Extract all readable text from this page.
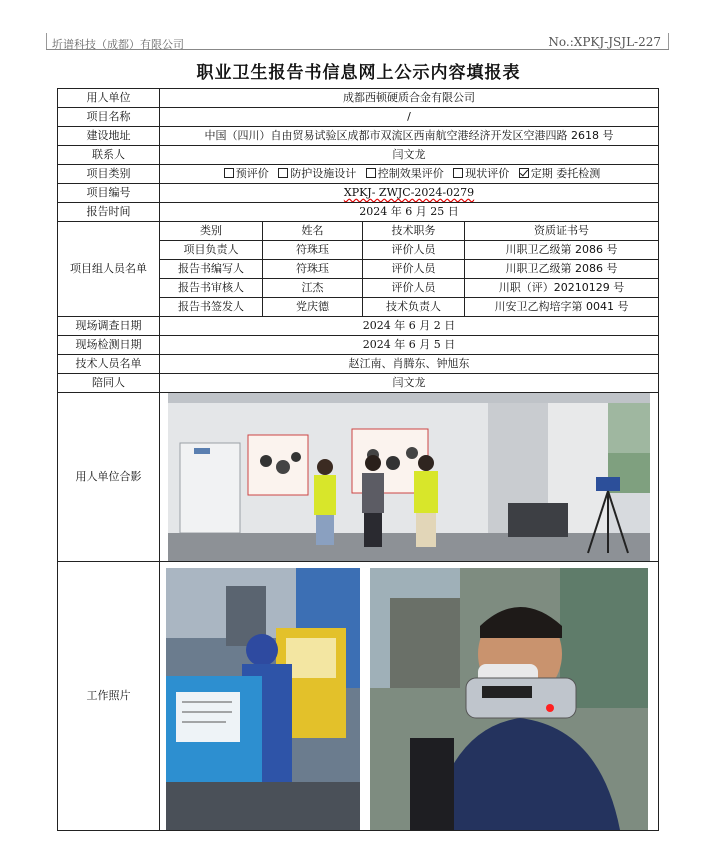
圻谱科技（成都）有限公司	No.:XPKJ-JSJL-227
职业卫生报告书信息网上公示内容填报表
用人单位	成都西顿硬质合金有限公司			
项目名称	/			
建设地址	中国（四川）自由贸易试验区成都市双流区西南航空港经济开发区空港四路 2618 号			
联系人	闫文龙			
项目类别	预评价 防护设施设计 控制效果评价 现状评价 定期 委托检测			
项目编号	XPKJ- ZWJC-2024-0279			
报告时间	2024 年 6 月 25 日			
项目组人员名单	类别	姓名	技术职务	资质证书号
	项目负责人	符珠珏	评价人员	川职卫乙级第 2086 号
	报告书编写人	符珠珏	评价人员	川职卫乙级第 2086 号
	报告书审核人	江杰	评价人员	川职（评）20210129 号
	报告书签发人	党庆德	技术负责人	川安卫乙构培字第 0041 号
现场调查日期	2024 年 6 月 2 日			
现场检测日期	2024 年 6 月 5 日			
技术人员名单	赵江南、肖腾东、钟旭东			
陪同人	闫文龙			
用人单位合影	

工作照片	
